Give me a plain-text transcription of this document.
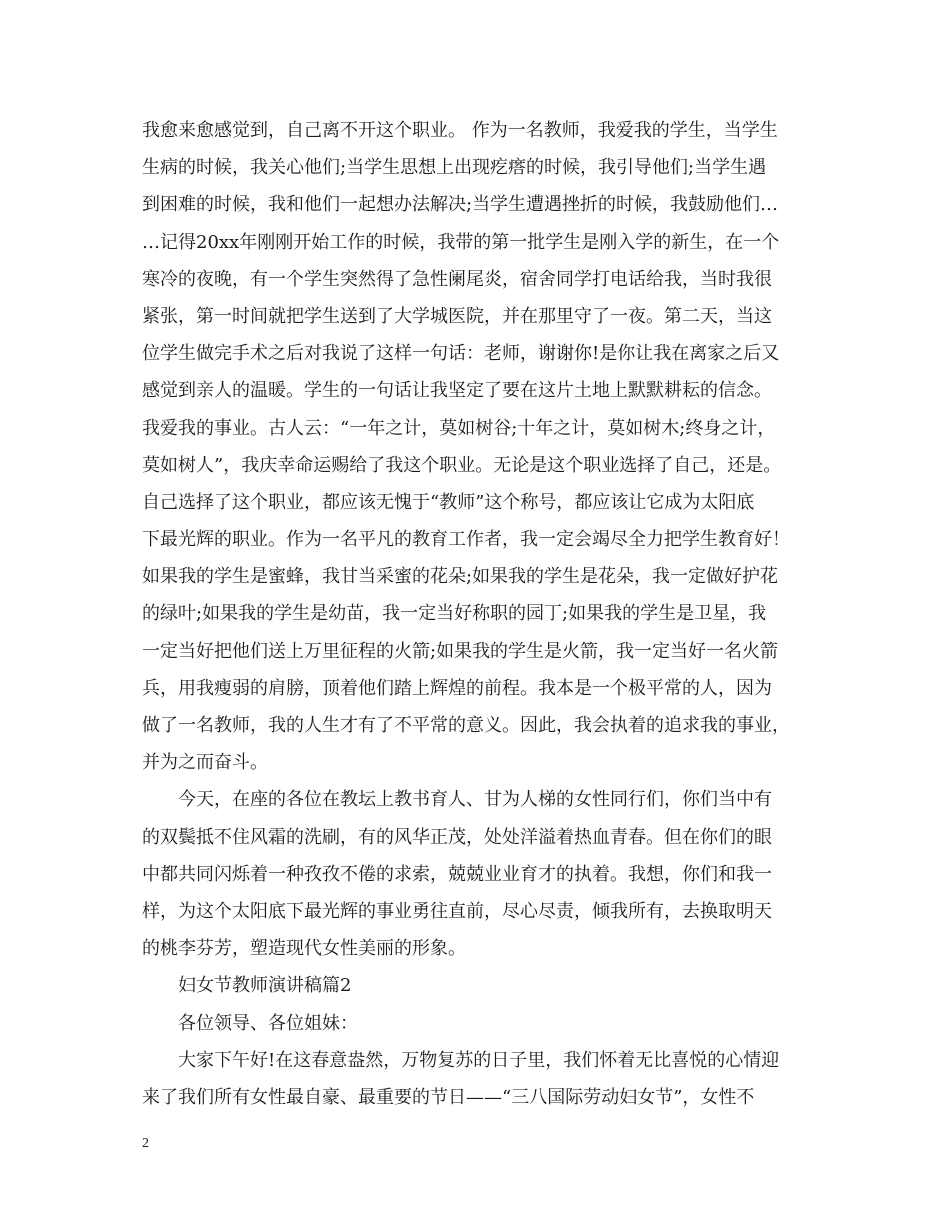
我愈来愈感觉到，自己离不开这个职业。 作为一名教师，我爱我的学生，当学生
生病的时候，我关心他们;当学生思想上出现疙瘩的时候，我引导他们;当学生遇
到困难的时候，我和他们一起想办法解决;当学生遭遇挫折的时候，我鼓励他们…
…记得20xx年刚刚开始工作的时候，我带的第一批学生是刚入学的新生，在一个
寒冷的夜晚，有一个学生突然得了急性阑尾炎，宿舍同学打电话给我，当时我很
紧张，第一时间就把学生送到了大学城医院，并在那里守了一夜。第二天，当这
位学生做完手术之后对我说了这样一句话：老师，谢谢你!是你让我在离家之后又
感觉到亲人的温暖。学生的一句话让我坚定了要在这片土地上默默耕耘的信念。
我爱我的事业。古人云：“一年之计，莫如树谷;十年之计，莫如树木;终身之计，
莫如树人”，我庆幸命运赐给了我这个职业。无论是这个职业选择了自己，还是。
自己选择了这个职业，都应该无愧于“教师”这个称号，都应该让它成为太阳底
下最光辉的职业。作为一名平凡的教育工作者，我一定会竭尽全力把学生教育好！
如果我的学生是蜜蜂，我甘当采蜜的花朵;如果我的学生是花朵，我一定做好护花
的绿叶;如果我的学生是幼苗，我一定当好称职的园丁;如果我的学生是卫星，我
一定当好把他们送上万里征程的火箭;如果我的学生是火箭，我一定当好一名火箭
兵，用我瘦弱的肩膀，顶着他们踏上辉煌的前程。我本是一个极平常的人，因为
做了一名教师，我的人生才有了不平常的意义。因此，我会执着的追求我的事业，
并为之而奋斗。
今天，在座的各位在教坛上教书育人、甘为人梯的女性同行们，你们当中有
的双鬓抵不住风霜的洗刷，有的风华正茂，处处洋溢着热血青春。但在你们的眼
中都共同闪烁着一种孜孜不倦的求索，兢兢业业育才的执着。我想，你们和我一
样，为这个太阳底下最光辉的事业勇往直前，尽心尽责，倾我所有，去换取明天
的桃李芬芳，塑造现代女性美丽的形象。
妇女节教师演讲稿篇2
各位领导、各位姐妹：
大家下午好!在这春意盎然，万物复苏的日子里，我们怀着无比喜悦的心情迎
来了我们所有女性最自豪、最重要的节日——“三八国际劳动妇女节”，女性不
2
